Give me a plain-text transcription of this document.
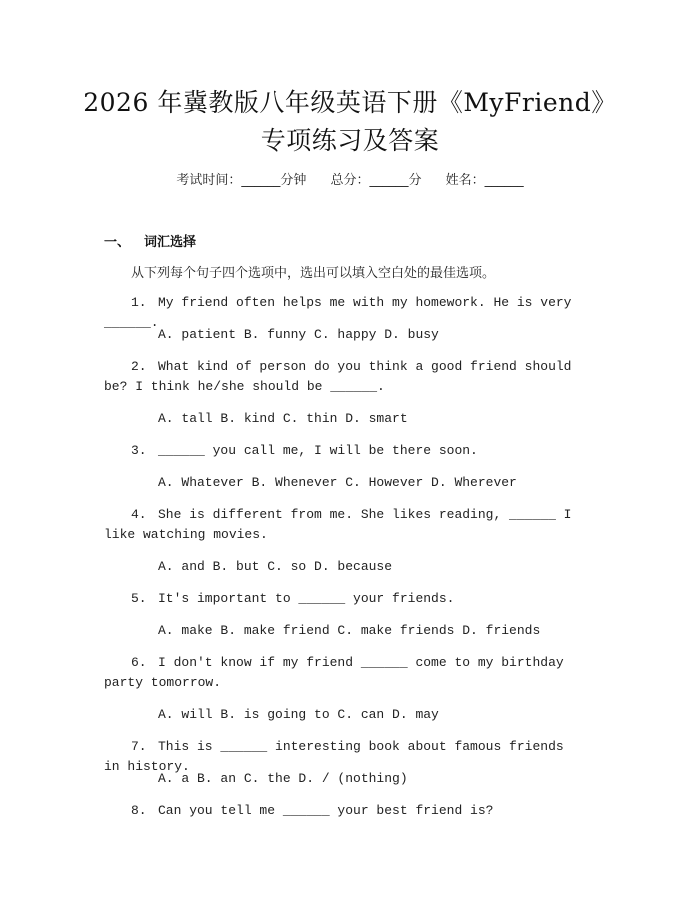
2026 年冀教版八年级英语下册《MyFriend》
专项练习及答案
考试时间：______分钟 总分：______分 姓名：______
一、 词汇选择
从下列每个句子四个选项中，选出可以填入空白处的最佳选项。
1. My friend often helps me with my homework. He is very ______.
A. patient B. funny C. happy D. busy
2. What kind of person do you think a good friend should be? I think he/she should be ______.
A. tall B. kind C. thin D. smart
3. ______ you call me, I will be there soon.
A. Whatever B. Whenever C. However D. Wherever
4. She is different from me. She likes reading, ______ I like watching movies.
A. and B. but C. so D. because
5. It's important to ______ your friends.
A. make B. make friend C. make friends D. friends
6. I don't know if my friend ______ come to my birthday party tomorrow.
A. will B. is going to C. can D. may
7. This is ______ interesting book about famous friends in history.
A. a B. an C. the D. / (nothing)
8. Can you tell me ______ your best friend is?
